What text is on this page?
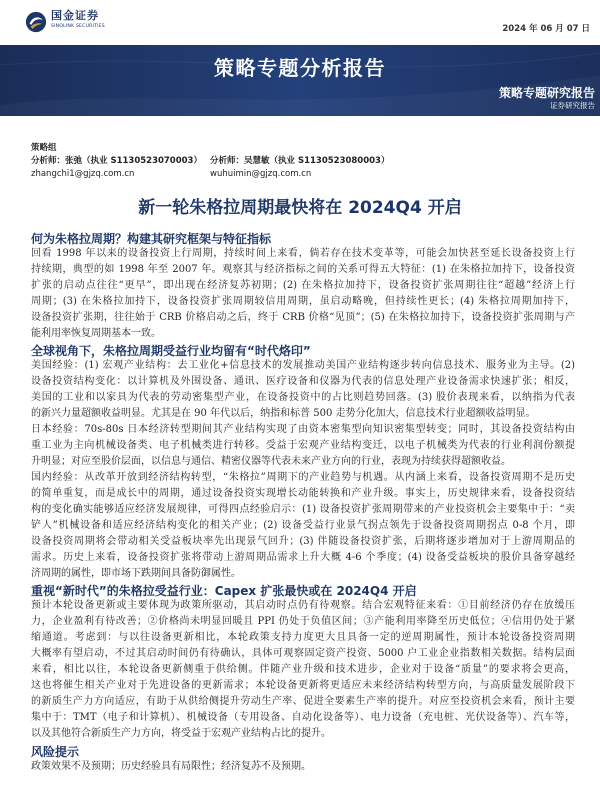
国金证券
SINOLINK SECURITIES	2024 年 06 月 07 日
策略专题分析报告
策略专题研究报告
证券研究报告
策略组
分析师：张弛（执业 S1130523070003）
zhangchi1@gjzq.com.cn
分析师：吴慧敏（执业 S1130523080003）
wuhuimin@gjzq.com.cn
新一轮朱格拉周期最快将在 2024Q4 开启
何为朱格拉周期？构建其研究框架与特征指标
回看 1998 年以来的设备投资上行周期，持续时间上来看，倘若存在技术变革等，可能会加快甚至延长设备投资上行
持续期，典型的如 1998 年至 2007 年。观察其与经济指标之间的关系可得五大特征：(1) 在朱格拉加持下，设备投资
扩张的启动点往往“更早”，即出现在经济复苏初期；(2) 在朱格拉加持下，设备投资扩张周期往往“超越”经济上行
周期；(3) 在朱格拉加持下，设备投资扩张周期较信用周期，虽启动略晚，但持续性更长；(4) 朱格拉周期加持下，
设备投资扩张期，往往始于 CRB 价格启动之后，终于 CRB 价格“见顶”；(5) 在朱格拉加持下，设备投资扩张周期与产
能利用率恢复周期基本一致。
全球视角下，朱格拉周期受益行业均留有“时代烙印”
美国经验：(1) 宏观产业结构：去工业化+信息技术的发展推动美国产业结构逐步转向信息技术、服务业为主导。(2)
设备投资结构变化：以计算机及外围设备、通讯、医疗设备和仪器为代表的信息处理产业设备需求快速扩张；相反，
美国的工业和以家具为代表的劳动密集型产业，在设备投资中的占比则趋势回落。(3) 股价表现来看，以纳指为代表
的新兴力量超额收益明显。尤其是在 90 年代以后，纳指和标普 500 走势分化加大，信息技术行业超额收益明显。
日本经验：70s-80s 日本经济转型期间其产业结构实现了由资本密集型向知识密集型转变；同时，其设备投资结构由
重工业为主向机械设备类、电子机械类进行转移。受益于宏观产业结构变迁，以电子机械类为代表的行业利润份额提
升明显；对应至股价层面，以信息与通信、精密仪器等代表未来产业方向的行业，表现为持续获得超额收益。
国内经验：从改革开放到经济结构转型，“朱格拉”周期下的产业趋势与机遇。从内涵上来看，设备投资周期不是历史
的简单重复，而是成长中的周期，通过设备投资实现增长动能转换和产业升级。事实上，历史规律来看，设备投资结
构的变化确实能够适应经济发展规律，可得四点经验启示：(1) 设备投资扩张周期带来的产业投资机会主要集中于：“卖
铲人”机械设备和适应经济结构变化的相关产业；(2) 设备受益行业景气拐点领先于设备投资周期拐点 0-8 个月，即
设备投资周期将会带动相关受益板块率先出现景气回升；(3) 伴随设备投资扩张，后期将逐步增加对于上游周期品的
需求。历史上来看，设备投资扩张将带动上游周期品需求上升大概 4-6 个季度；(4) 设备受益板块的股价具备穿越经
济周期的属性，即市场下跌期间具备防御属性。
重视“新时代”的朱格拉受益行业：Capex 扩张最快或在 2024Q4 开启
预计本轮设备更新或主要体现为政策所驱动，其启动时点仍有待观察。结合宏观特征来看：①目前经济仍存在放缓压
力，企业盈利有待改善；②价格尚未明显回暖且 PPI 仍处于负值区间；③产能利用率降至历史低位；④信用仍处于紧
缩通道。考虑到：与以往设备更新相比，本轮政策支持力度更大且具备一定的逆周期属性，预计本轮设备投资周期
大概率有望启动，不过其启动时间仍有待确认，具体可观察固定资产投资、5000 户工业企业指数相关数据。结构层面
来看，相比以往，本轮设备更新侧重于供给侧。伴随产业升级和技术进步，企业对于设备“质量”的要求将会更高，
这也将催生相关产业对于先进设备的更新需求；本轮设备更新将更适应未来经济结构转型方向，与高质量发展阶段下
的新质生产力方向适应，有助于从供给侧提升劳动生产率、促进全要素生产率的提升。对应至投资机会来看，预计主要
集中于：TMT（电子和计算机）、机械设备（专用设备、自动化设备等）、电力设备（充电桩、光伏设备等）、汽车等，
以及其他符合新质生产力方向，将受益于宏观产业结构占比的提升。
风险提示
政策效果不及预期；历史经验具有局限性；经济复苏不及预期。
